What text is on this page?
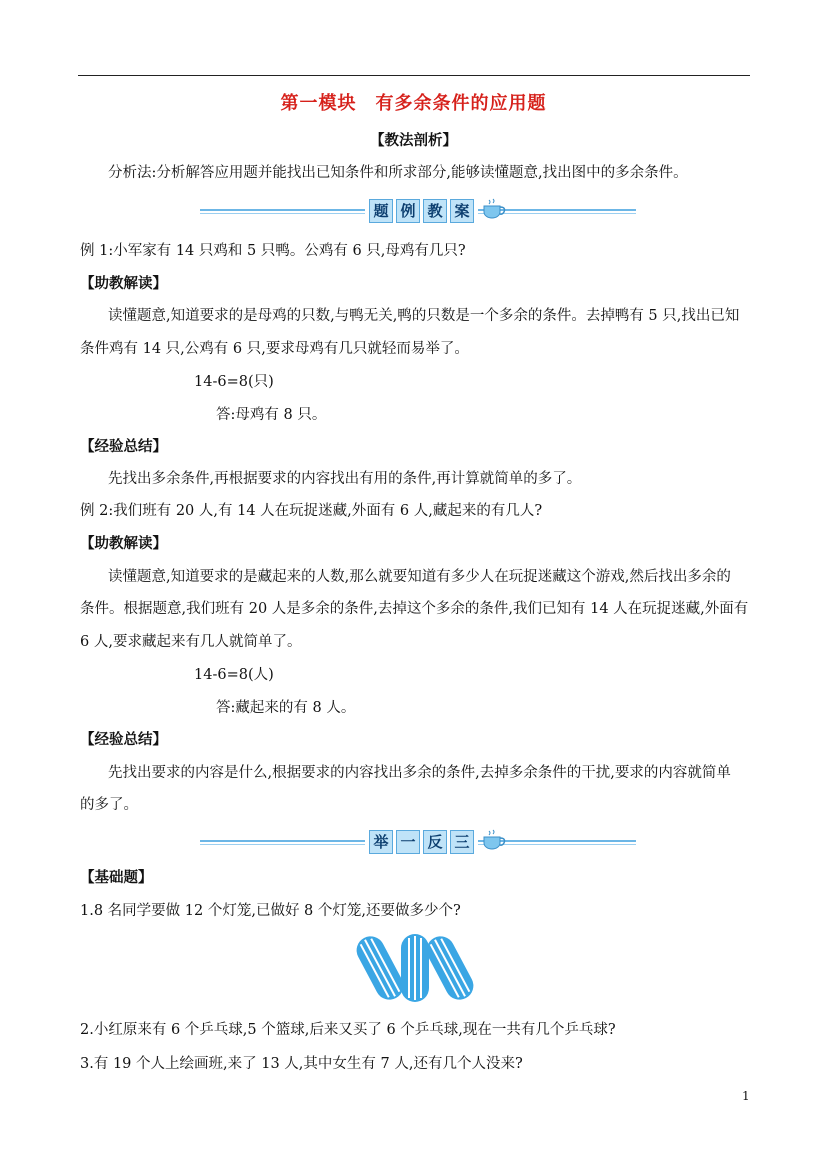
第一模块　有多余条件的应用题
【教法剖析】
分析法:分析解答应用题并能找出已知条件和所求部分,能够读懂题意,找出图中的多余条件。
题 例 教 案
例 1:小军家有 14 只鸡和 5 只鸭。公鸡有 6 只,母鸡有几只?
【助教解读】
读懂题意,知道要求的是母鸡的只数,与鸭无关,鸭的只数是一个多余的条件。去掉鸭有 5 只,找出已知
条件鸡有 14 只,公鸡有 6 只,要求母鸡有几只就轻而易举了。
14-6=8(只)
答:母鸡有 8 只。
【经验总结】
先找出多余条件,再根据要求的内容找出有用的条件,再计算就简单的多了。
例 2:我们班有 20 人,有 14 人在玩捉迷藏,外面有 6 人,藏起来的有几人?
【助教解读】
读懂题意,知道要求的是藏起来的人数,那么就要知道有多少人在玩捉迷藏这个游戏,然后找出多余的
条件。根据题意,我们班有 20 人是多余的条件,去掉这个多余的条件,我们已知有 14 人在玩捉迷藏,外面有
6 人,要求藏起来有几人就简单了。
14-6=8(人)
答:藏起来的有 8 人。
【经验总结】
先找出要求的内容是什么,根据要求的内容找出多余的条件,去掉多余条件的干扰,要求的内容就简单
的多了。
举 一 反 三
【基础题】
1.8 名同学要做 12 个灯笼,已做好 8 个灯笼,还要做多少个?
2.小红原来有 6 个乒乓球,5 个篮球,后来又买了 6 个乒乓球,现在一共有几个乒乓球?
3.有 19 个人上绘画班,来了 13 人,其中女生有 7 人,还有几个人没来?
1
